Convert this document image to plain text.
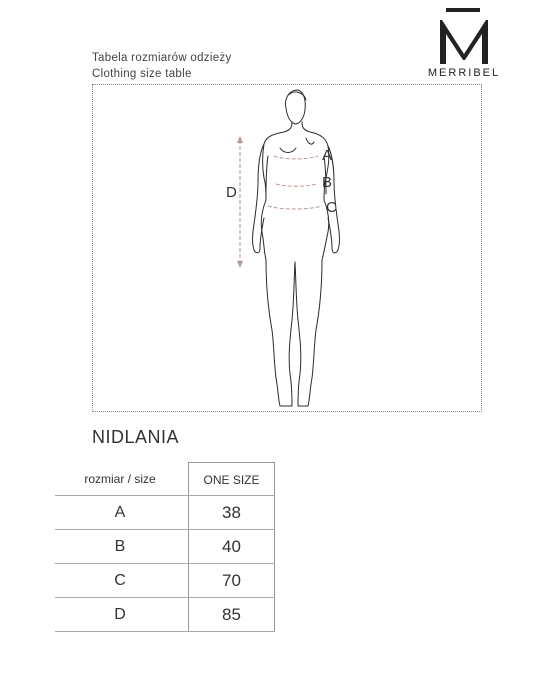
MERRIBEL
Tabela rozmiarów odzieży
Clothing size table
A
B
C
D
NIDLANIA
rozmiar / size	ONE SIZE
A	38
B	40
C	70
D	85
